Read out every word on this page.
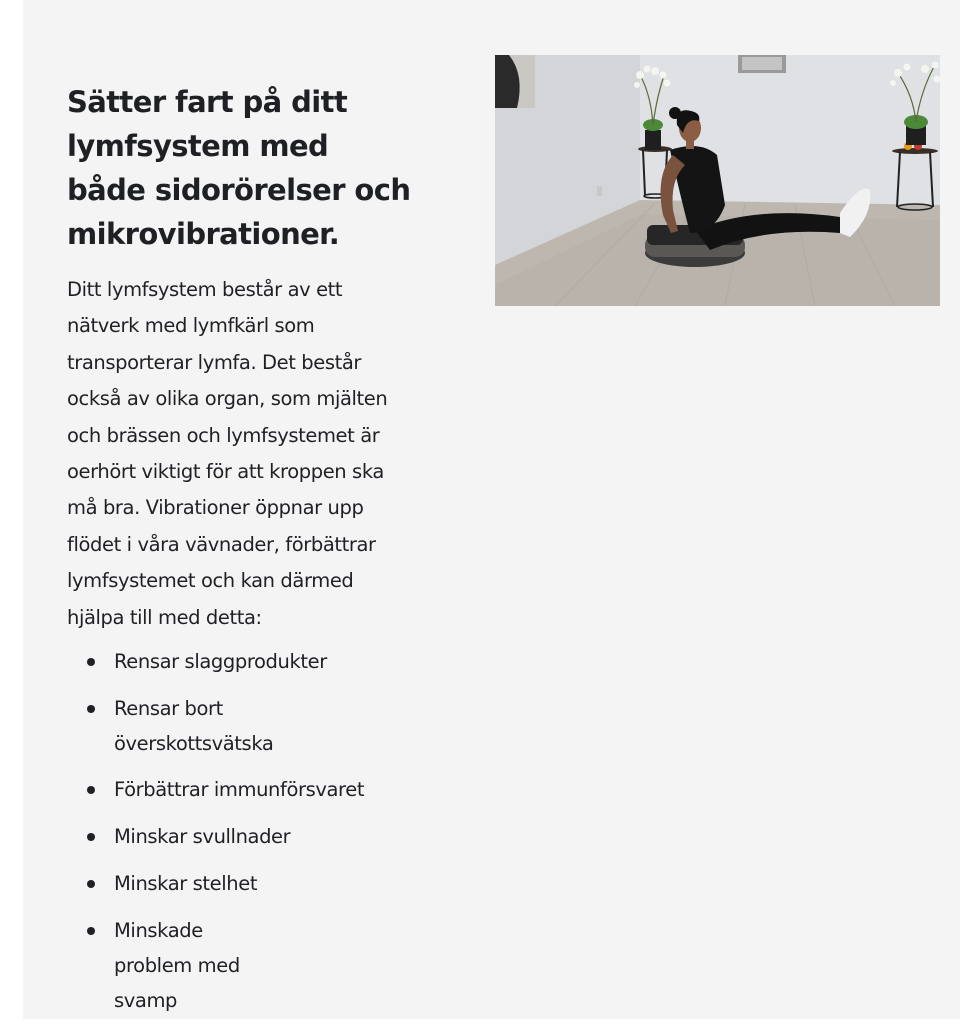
Sätter fart på ditt lymfsystem med både sidorörelser och mikrovibrationer.

Ditt lymfsystem består av ett nätverk med lymfkärl som transporterar lymfa. Det består också av olika organ, som mjälten och brässen och lymfsystemet är oerhört viktigt för att kroppen ska må bra. Vibrationer öppnar upp flödet i våra vävnader, förbättrar lymfsystemet och kan därmed hjälpa till med detta:

Rensar slaggprodukter
Rensar bort överskottsvätska
Förbättrar immunförsvaret
Minskar svullnader
Minskar stelhet
Minskade problem med svamp
